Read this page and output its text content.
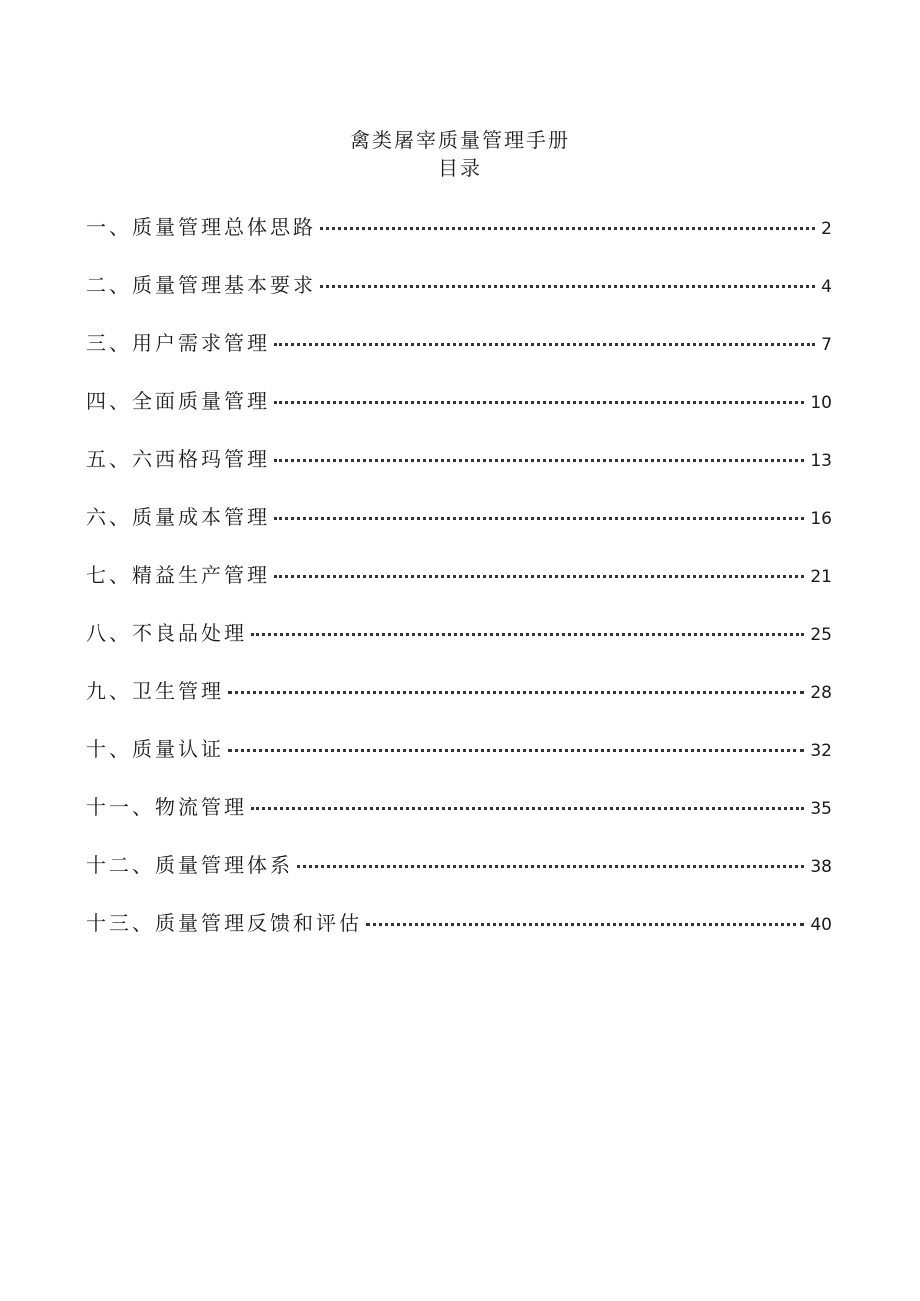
禽类屠宰质量管理手册
目录
一、质量管理总体思路	2
二、质量管理基本要求	4
三、用户需求管理	7
四、全面质量管理	10
五、六西格玛管理	13
六、质量成本管理	16
七、精益生产管理	21
八、不良品处理	25
九、卫生管理	28
十、质量认证	32
十一、物流管理	35
十二、质量管理体系	38
十三、质量管理反馈和评估	40
